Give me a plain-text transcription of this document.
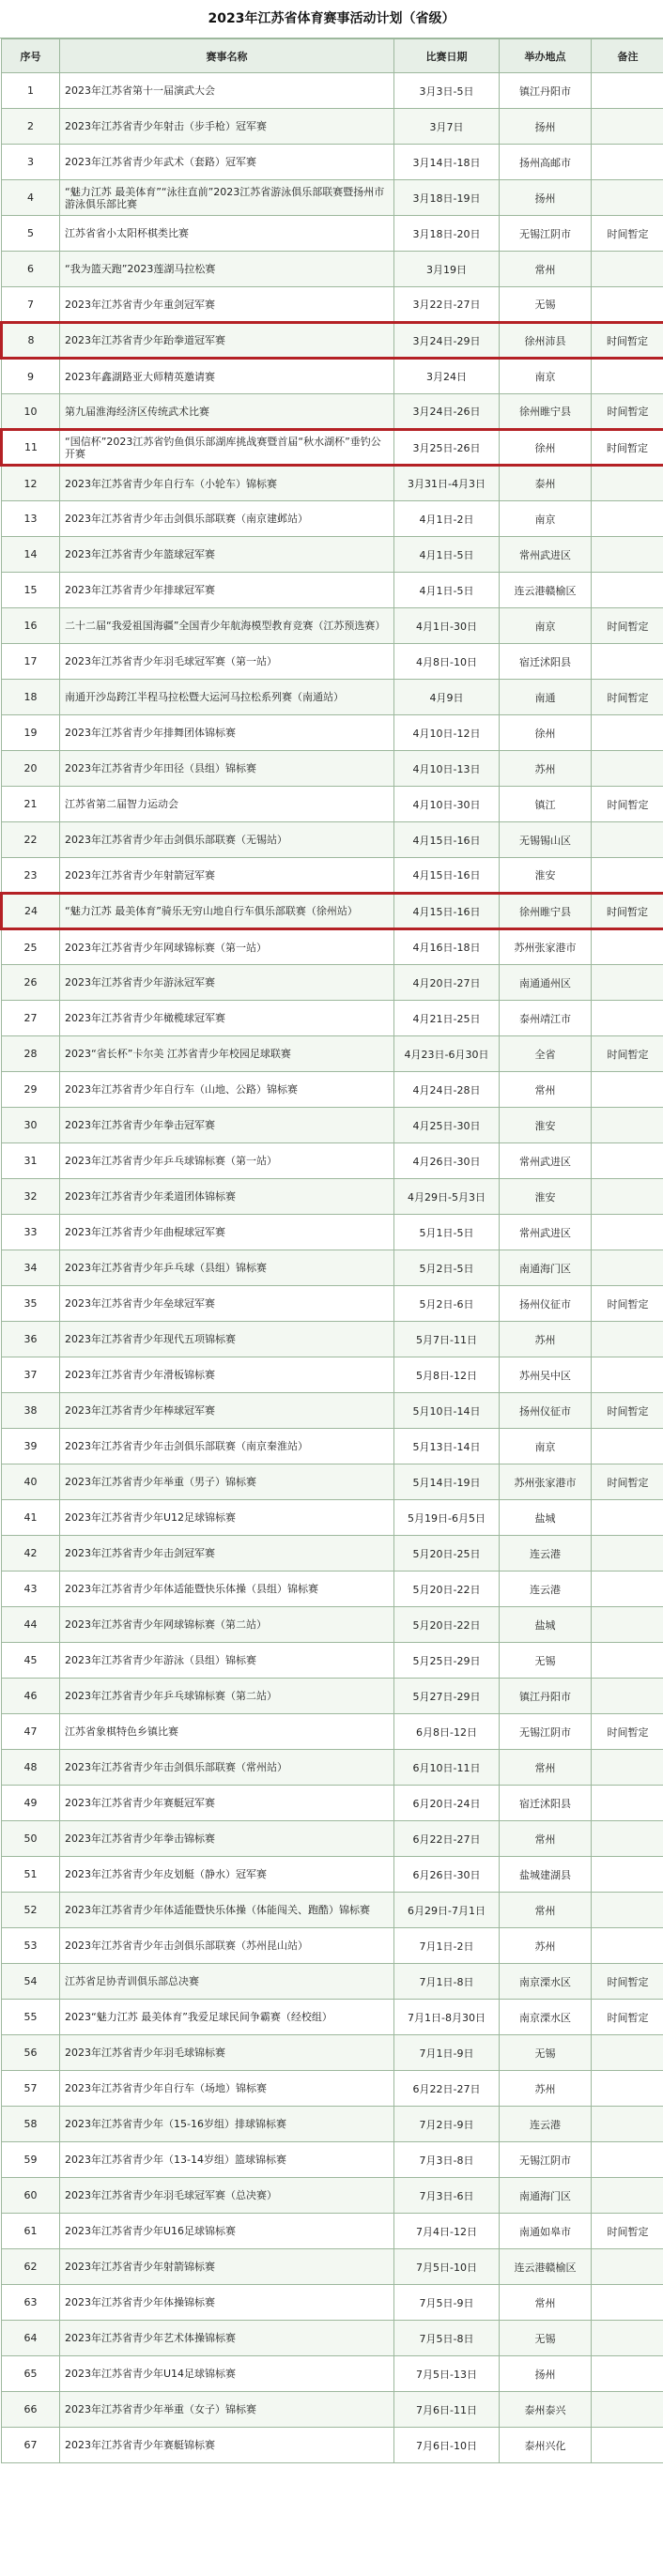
2023年江苏省体育赛事活动计划（省级）
序号	赛事名称	比赛日期	举办地点	备注
1	2023年江苏省第十一届演武大会	3月3日-5日	镇江丹阳市	
2	2023年江苏省青少年射击（步手枪）冠军赛	3月7日	扬州	
3	2023年江苏省青少年武术（套路）冠军赛	3月14日-18日	扬州高邮市	
4	“魅力江苏 最美体育”“泳往直前”2023江苏省游泳俱乐部联赛暨扬州市游泳俱乐部比赛	3月18日-19日	扬州	
5	江苏省省小太阳杯棋类比赛	3月18日-20日	无锡江阴市	时间暂定
6	“我为篮天跑”2023莲湖马拉松赛	3月19日	常州	
7	2023年江苏省青少年重剑冠军赛	3月22日-27日	无锡	
8	2023年江苏省青少年跆拳道冠军赛	3月24日-29日	徐州沛县	时间暂定
9	2023年鑫湖路亚大师精英邀请赛	3月24日	南京	
10	第九届淮海经济区传统武术比赛	3月24日-26日	徐州睢宁县	时间暂定
11	“国信杯”2023江苏省钓鱼俱乐部湖库挑战赛暨首届“秋水湖杯”垂钓公开赛	3月25日-26日	徐州	时间暂定
12	2023年江苏省青少年自行车（小轮车）锦标赛	3月31日-4月3日	泰州	
13	2023年江苏省青少年击剑俱乐部联赛（南京建邺站）	4月1日-2日	南京	
14	2023年江苏省青少年篮球冠军赛	4月1日-5日	常州武进区	
15	2023年江苏省青少年排球冠军赛	4月1日-5日	连云港赣榆区	
16	二十二届“我爱祖国海疆”全国青少年航海模型教育竞赛（江苏预选赛）	4月1日-30日	南京	时间暂定
17	2023年江苏省青少年羽毛球冠军赛（第一站）	4月8日-10日	宿迁沭阳县	
18	南通开沙岛跨江半程马拉松暨大运河马拉松系列赛（南通站）	4月9日	南通	时间暂定
19	2023年江苏省青少年排舞团体锦标赛	4月10日-12日	徐州	
20	2023年江苏省青少年田径（县组）锦标赛	4月10日-13日	苏州	
21	江苏省第二届智力运动会	4月10日-30日	镇江	时间暂定
22	2023年江苏省青少年击剑俱乐部联赛（无锡站）	4月15日-16日	无锡锡山区	
23	2023年江苏省青少年射箭冠军赛	4月15日-16日	淮安	
24	“魅力江苏 最美体育”骑乐无穷山地自行车俱乐部联赛（徐州站）	4月15日-16日	徐州睢宁县	时间暂定
25	2023年江苏省青少年网球锦标赛（第一站）	4月16日-18日	苏州张家港市	
26	2023年江苏省青少年游泳冠军赛	4月20日-27日	南通通州区	
27	2023年江苏省青少年橄榄球冠军赛	4月21日-25日	泰州靖江市	
28	2023“省长杯”卡尔美 江苏省青少年校园足球联赛	4月23日-6月30日	全省	时间暂定
29	2023年江苏省青少年自行车（山地、公路）锦标赛	4月24日-28日	常州	
30	2023年江苏省青少年拳击冠军赛	4月25日-30日	淮安	
31	2023年江苏省青少年乒乓球锦标赛（第一站）	4月26日-30日	常州武进区	
32	2023年江苏省青少年柔道团体锦标赛	4月29日-5月3日	淮安	
33	2023年江苏省青少年曲棍球冠军赛	5月1日-5日	常州武进区	
34	2023年江苏省青少年乒乓球（县组）锦标赛	5月2日-5日	南通海门区	
35	2023年江苏省青少年垒球冠军赛	5月2日-6日	扬州仪征市	时间暂定
36	2023年江苏省青少年现代五项锦标赛	5月7日-11日	苏州	
37	2023年江苏省青少年滑板锦标赛	5月8日-12日	苏州吴中区	
38	2023年江苏省青少年棒球冠军赛	5月10日-14日	扬州仪征市	时间暂定
39	2023年江苏省青少年击剑俱乐部联赛（南京秦淮站）	5月13日-14日	南京	
40	2023年江苏省青少年举重（男子）锦标赛	5月14日-19日	苏州张家港市	时间暂定
41	2023年江苏省青少年U12足球锦标赛	5月19日-6月5日	盐城	
42	2023年江苏省青少年击剑冠军赛	5月20日-25日	连云港	
43	2023年江苏省青少年体适能暨快乐体操（县组）锦标赛	5月20日-22日	连云港	
44	2023年江苏省青少年网球锦标赛（第二站）	5月20日-22日	盐城	
45	2023年江苏省青少年游泳（县组）锦标赛	5月25日-29日	无锡	
46	2023年江苏省青少年乒乓球锦标赛（第二站）	5月27日-29日	镇江丹阳市	
47	江苏省象棋特色乡镇比赛	6月8日-12日	无锡江阴市	时间暂定
48	2023年江苏省青少年击剑俱乐部联赛（常州站）	6月10日-11日	常州	
49	2023年江苏省青少年赛艇冠军赛	6月20日-24日	宿迁沭阳县	
50	2023年江苏省青少年拳击锦标赛	6月22日-27日	常州	
51	2023年江苏省青少年皮划艇（静水）冠军赛	6月26日-30日	盐城建湖县	
52	2023年江苏省青少年体适能暨快乐体操（体能闯关、跑酷）锦标赛	6月29日-7月1日	常州	
53	2023年江苏省青少年击剑俱乐部联赛（苏州昆山站）	7月1日-2日	苏州	
54	江苏省足协青训俱乐部总决赛	7月1日-8日	南京溧水区	时间暂定
55	2023“魅力江苏 最美体育”我爱足球民间争霸赛（经校组）	7月1日-8月30日	南京溧水区	时间暂定
56	2023年江苏省青少年羽毛球锦标赛	7月1日-9日	无锡	
57	2023年江苏省青少年自行车（场地）锦标赛	6月22日-27日	苏州	
58	2023年江苏省青少年（15-16岁组）排球锦标赛	7月2日-9日	连云港	
59	2023年江苏省青少年（13-14岁组）篮球锦标赛	7月3日-8日	无锡江阴市	
60	2023年江苏省青少年羽毛球冠军赛（总决赛）	7月3日-6日	南通海门区	
61	2023年江苏省青少年U16足球锦标赛	7月4日-12日	南通如皋市	时间暂定
62	2023年江苏省青少年射箭锦标赛	7月5日-10日	连云港赣榆区	
63	2023年江苏省青少年体操锦标赛	7月5日-9日	常州	
64	2023年江苏省青少年艺术体操锦标赛	7月5日-8日	无锡	
65	2023年江苏省青少年U14足球锦标赛	7月5日-13日	扬州	
66	2023年江苏省青少年举重（女子）锦标赛	7月6日-11日	泰州泰兴	
67	2023年江苏省青少年赛艇锦标赛	7月6日-10日	泰州兴化	
